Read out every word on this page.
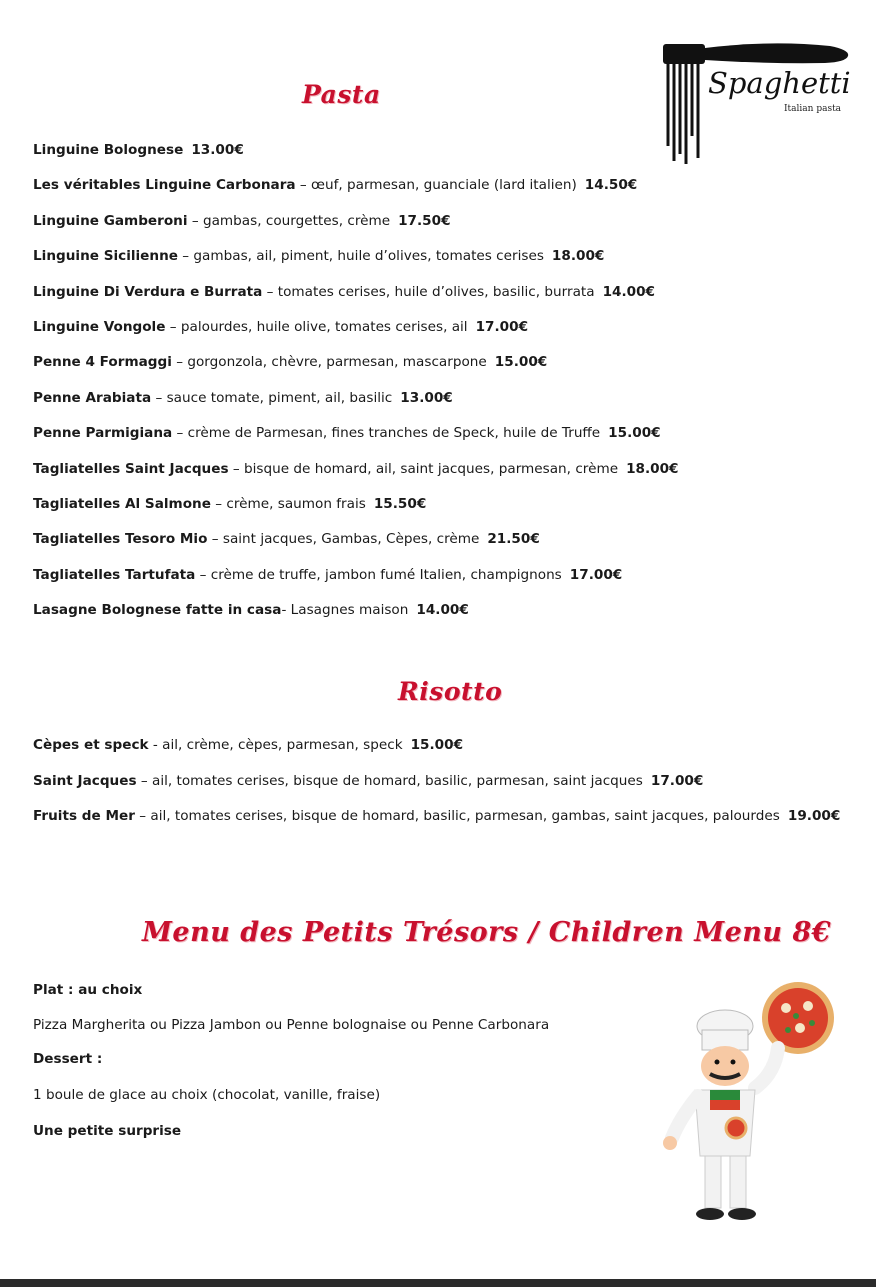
Spaghetti
Italian pasta
Pasta
Linguine Bolognese 13.00€
Les véritables Linguine Carbonara – œuf, parmesan, guanciale (lard italien) 14.50€
Linguine Gamberoni – gambas, courgettes, crème 17.50€
Linguine Sicilienne – gambas, ail, piment, huile d’olives, tomates cerises 18.00€
Linguine Di Verdura e Burrata – tomates cerises, huile d’olives, basilic, burrata 14.00€
Linguine Vongole – palourdes, huile olive, tomates cerises, ail 17.00€
Penne 4 Formaggi – gorgonzola, chèvre, parmesan, mascarpone 15.00€
Penne Arabiata – sauce tomate, piment, ail, basilic 13.00€
Penne Parmigiana – crème de Parmesan, fines tranches de Speck, huile de Truffe 15.00€
Tagliatelles Saint Jacques – bisque de homard, ail, saint jacques, parmesan, crème 18.00€
Tagliatelles Al Salmone – crème, saumon frais 15.50€
Tagliatelles Tesoro Mio – saint jacques, Gambas, Cèpes, crème 21.50€
Tagliatelles Tartufata – crème de truffe, jambon fumé Italien, champignons 17.00€
Lasagne Bolognese fatte in casa- Lasagnes maison 14.00€
Risotto
Cèpes et speck - ail, crème, cèpes, parmesan, speck 15.00€
Saint Jacques – ail, tomates cerises, bisque de homard, basilic, parmesan, saint jacques 17.00€
Fruits de Mer – ail, tomates cerises, bisque de homard, basilic, parmesan, gambas, saint jacques, palourdes 19.00€
Menu des Petits Trésors / Children Menu 8€
Plat : au choix
Pizza Margherita ou Pizza Jambon ou Penne bolognaise ou Penne Carbonara
Dessert :
1 boule de glace au choix (chocolat, vanille, fraise)
Une petite surprise
